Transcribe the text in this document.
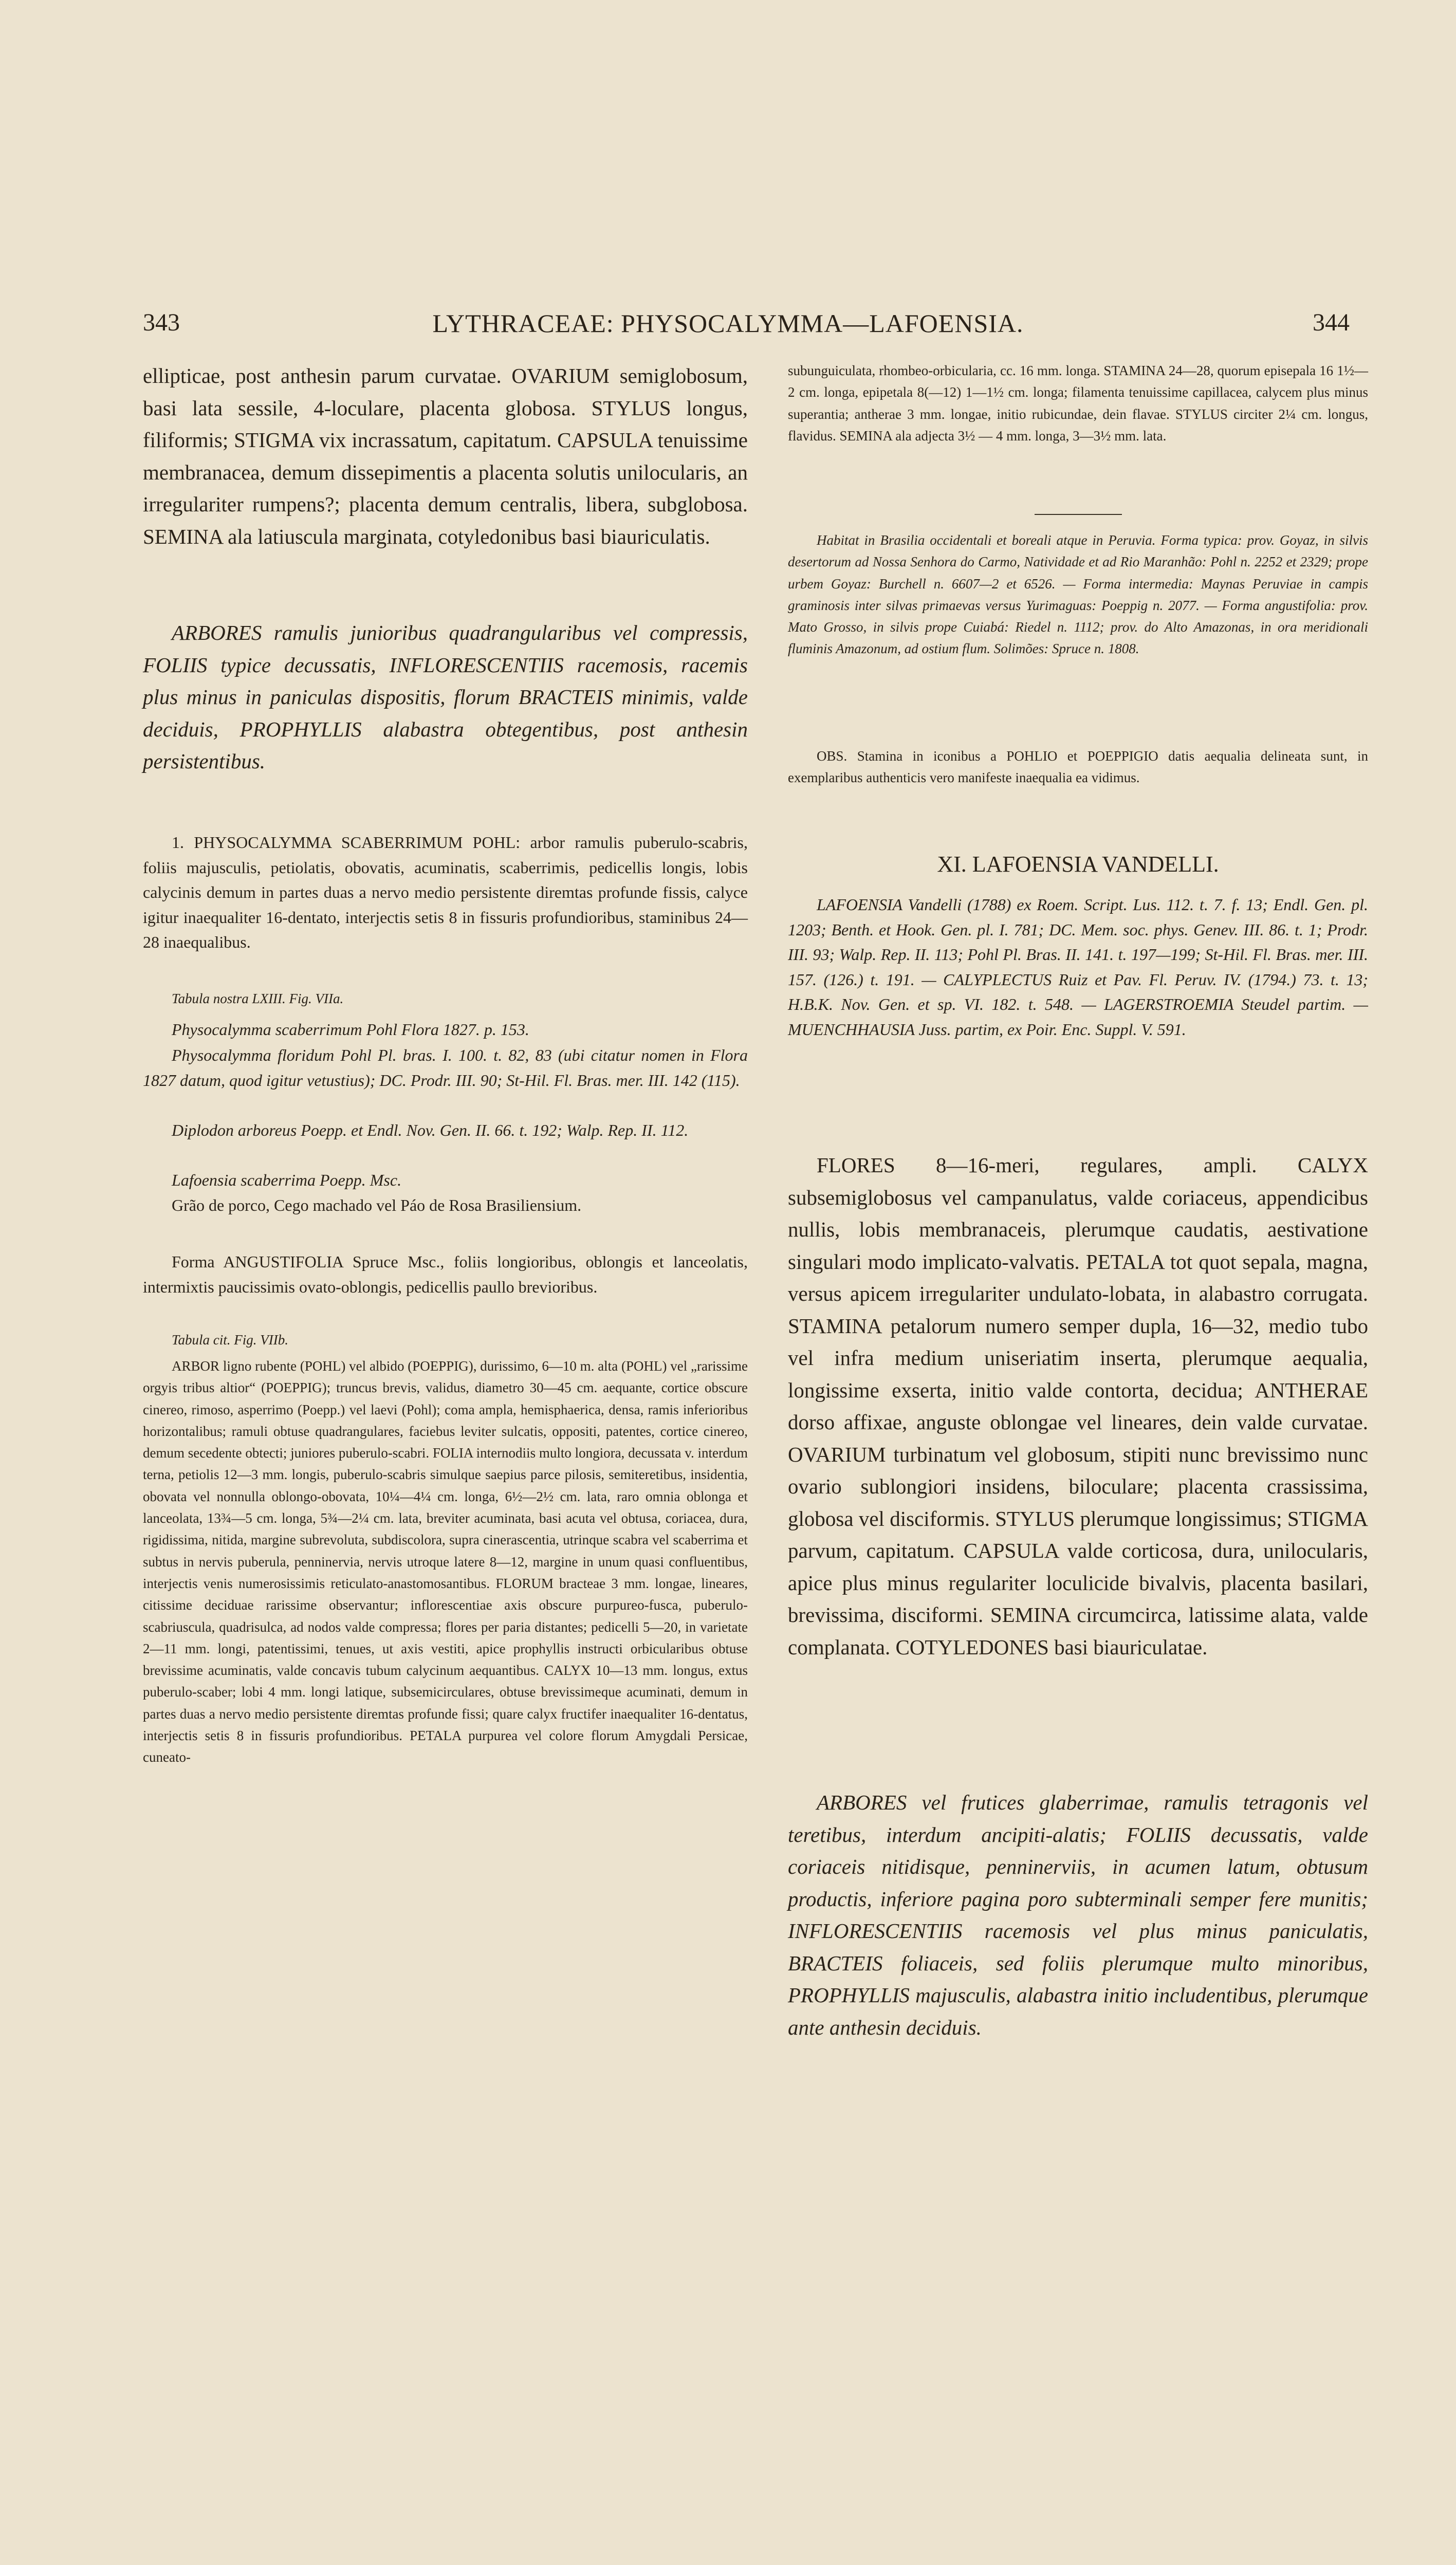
343	LYTHRACEAE: PHYSOCALYMMA—LAFOENSIA.	344

ellipticae, post anthesin parum curvatae. OVARIUM semiglobosum, basi lata sessile, 4-loculare, placenta globosa. STYLUS longus, filiformis; STIGMA vix incrassatum, capitatum. CAPSULA tenuissime membranacea, demum dissepimentis a placenta solutis unilocularis, an irregulariter rumpens?; placenta demum centralis, libera, subglobosa. SEMINA ala latiuscula marginata, cotyledonibus basi biauriculatis.

ARBORES ramulis junioribus quadrangularibus vel compressis, FOLIIS typice decussatis, INFLORESCENTIIS racemosis, racemis plus minus in paniculas dispositis, florum BRACTEIS minimis, valde deciduis, PROPHYLLIS alabastra obtegentibus, post anthesin persistentibus.

1. PHYSOCALYMMA SCABERRIMUM POHL: arbor ramulis puberulo-scabris, foliis majusculis, petiolatis, obovatis, acuminatis, scaberrimis, pedicellis longis, lobis calycinis demum in partes duas a nervo medio persistente diremtas profunde fissis, calyce igitur inaequaliter 16-dentato, interjectis setis 8 in fissuris profundioribus, staminibus 24—28 inaequalibus.

Tabula nostra LXIII. Fig. VIIa.

Physocalymma scaberrimum Pohl Flora 1827. p. 153.

Physocalymma floridum Pohl Pl. bras. I. 100. t. 82, 83 (ubi citatur nomen in Flora 1827 datum, quod igitur vetustius); DC. Prodr. III. 90; St-Hil. Fl. Bras. mer. III. 142 (115).

Diplodon arboreus Poepp. et Endl. Nov. Gen. II. 66. t. 192; Walp. Rep. II. 112.

Lafoensia scaberrima Poepp. Msc.

Grão de porco, Cego machado vel Páo de Rosa Brasiliensium.

Forma ANGUSTIFOLIA Spruce Msc., foliis longioribus, oblongis et lanceolatis, intermixtis paucissimis ovato-oblongis, pedicellis paullo brevioribus.

Tabula cit. Fig. VIIb.

ARBOR ligno rubente (POHL) vel albido (POEPPIG), durissimo, 6—10 m. alta (POHL) vel „rarissime orgyis tribus altior“ (POEPPIG); truncus brevis, validus, diametro 30—45 cm. aequante, cortice obscure cinereo, rimoso, asperrimo (Poepp.) vel laevi (Pohl); coma ampla, hemisphaerica, densa, ramis inferioribus horizontalibus; ramuli obtuse quadrangulares, faciebus leviter sulcatis, oppositi, patentes, cortice cinereo, demum secedente obtecti; juniores puberulo-scabri. FOLIA internodiis multo longiora, decussata v. interdum terna, petiolis 12—3 mm. longis, puberulo-scabris simulque saepius parce pilosis, semiteretibus, insidentia, obovata vel nonnulla oblongo-obovata, 10¼—4¼ cm. longa, 6½—2½ cm. lata, raro omnia oblonga et lanceolata, 13¾—5 cm. longa, 5¾—2¼ cm. lata, breviter acuminata, basi acuta vel obtusa, coriacea, dura, rigidissima, nitida, margine subrevoluta, subdiscolora, supra cinerascentia, utrinque scabra vel scaberrima et subtus in nervis puberula, penninervia, nervis utroque latere 8—12, margine in unum quasi confluentibus, interjectis venis numerosissimis reticulato-anastomosantibus. FLORUM bracteae 3 mm. longae, lineares, citissime deciduae rarissime observantur; inflorescentiae axis obscure purpureo-fusca, puberulo-scabriuscula, quadrisulca, ad nodos valde compressa; flores per paria distantes; pedicelli 5—20, in varietate 2—11 mm. longi, patentissimi, tenues, ut axis vestiti, apice prophyllis instructi orbicularibus obtuse brevissime acuminatis, valde concavis tubum calycinum aequantibus. CALYX 10—13 mm. longus, extus puberulo-scaber; lobi 4 mm. longi latique, subsemicirculares, obtuse brevissimeque acuminati, demum in partes duas a nervo medio persistente diremtas profunde fissi; quare calyx fructifer inaequaliter 16-dentatus, interjectis setis 8 in fissuris profundioribus. PETALA purpurea vel colore florum Amygdali Persicae, cuneato-

subunguiculata, rhombeo-orbicularia, cc. 16 mm. longa. STAMINA 24—28, quorum episepala 16 1½—2 cm. longa, epipetala 8(—12) 1—1½ cm. longa; filamenta tenuissime capillacea, calycem plus minus superantia; antherae 3 mm. longae, initio rubicundae, dein flavae. STYLUS circiter 2¼ cm. longus, flavidus. SEMINA ala adjecta 3½ — 4 mm. longa, 3—3½ mm. lata.

Habitat in Brasilia occidentali et boreali atque in Peruvia. Forma typica: prov. Goyaz, in silvis desertorum ad Nossa Senhora do Carmo, Natividade et ad Rio Maranhão: Pohl n. 2252 et 2329; prope urbem Goyaz: Burchell n. 6607—2 et 6526. — Forma intermedia: Maynas Peruviae in campis graminosis inter silvas primaevas versus Yurimaguas: Poeppig n. 2077. — Forma angustifolia: prov. Mato Grosso, in silvis prope Cuiabá: Riedel n. 1112; prov. do Alto Amazonas, in ora meridionali fluminis Amazonum, ad ostium flum. Solimões: Spruce n. 1808.

OBS. Stamina in iconibus a POHLIO et POEPPIGIO datis aequalia delineata sunt, in exemplaribus authenticis vero manifeste inaequalia ea vidimus.

XI. LAFOENSIA VANDELLI.

LAFOENSIA Vandelli (1788) ex Roem. Script. Lus. 112. t. 7. f. 13; Endl. Gen. pl. 1203; Benth. et Hook. Gen. pl. I. 781; DC. Mem. soc. phys. Genev. III. 86. t. 1; Prodr. III. 93; Walp. Rep. II. 113; Pohl Pl. Bras. II. 141. t. 197—199; St-Hil. Fl. Bras. mer. III. 157. (126.) t. 191. — CALYPLECTUS Ruiz et Pav. Fl. Peruv. IV. (1794.) 73. t. 13; H.B.K. Nov. Gen. et sp. VI. 182. t. 548. — LAGERSTROEMIA Steudel partim. — MUENCHHAUSIA Juss. partim, ex Poir. Enc. Suppl. V. 591.

FLORES 8—16-meri, regulares, ampli. CALYX subsemiglobosus vel campanulatus, valde coriaceus, appendicibus nullis, lobis membranaceis, plerumque caudatis, aestivatione singulari modo implicato-valvatis. PETALA tot quot sepala, magna, versus apicem irregulariter undulato-lobata, in alabastro corrugata. STAMINA petalorum numero semper dupla, 16—32, medio tubo vel infra medium uniseriatim inserta, plerumque aequalia, longissime exserta, initio valde contorta, decidua; ANTHERAE dorso affixae, anguste oblongae vel lineares, dein valde curvatae. OVARIUM turbinatum vel globosum, stipiti nunc brevissimo nunc ovario sublongiori insidens, biloculare; placenta crassissima, globosa vel disciformis. STYLUS plerumque longissimus; STIGMA parvum, capitatum. CAPSULA valde corticosa, dura, unilocularis, apice plus minus regulariter loculicide bivalvis, placenta basilari, brevissima, disciformi. SEMINA circumcirca, latissime alata, valde complanata. COTYLEDONES basi biauriculatae.

ARBORES vel frutices glaberrimae, ramulis tetragonis vel teretibus, interdum ancipiti-alatis; FOLIIS decussatis, valde coriaceis nitidisque, penninerviis, in acumen latum, obtusum productis, inferiore pagina poro subterminali semper fere munitis; INFLORESCENTIIS racemosis vel plus minus paniculatis, BRACTEIS foliaceis, sed foliis plerumque multo minoribus, PROPHYLLIS majusculis, alabastra initio includentibus, plerumque ante anthesin deciduis.
